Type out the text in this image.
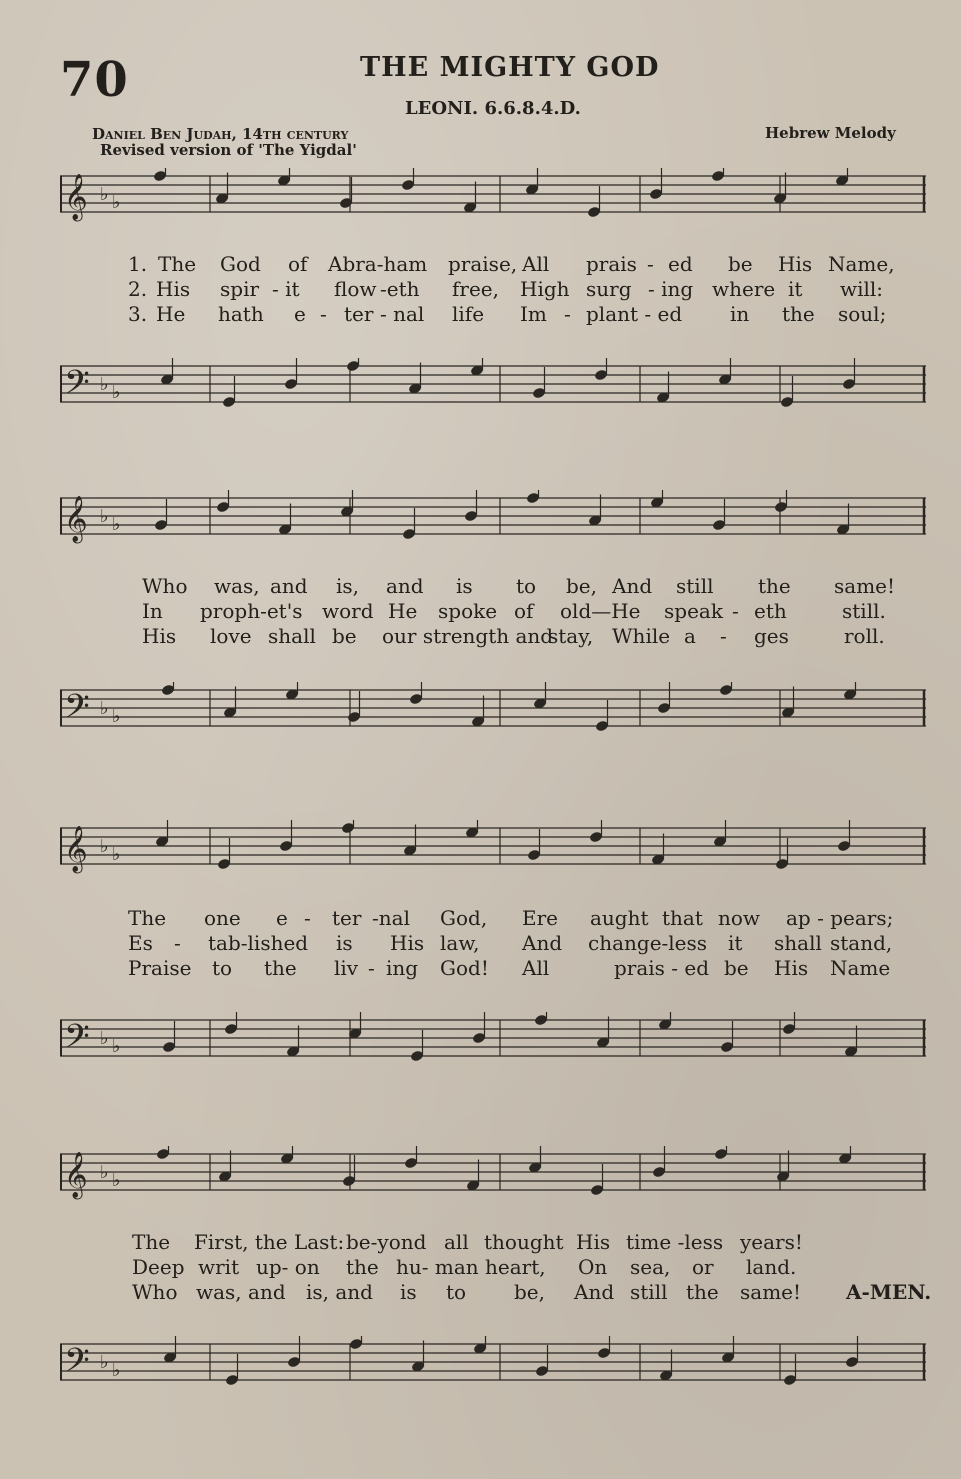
70	THE MIGHTY GOD
LEONI. 6.6.8.4.D.
Daniel Ben Judah, 14th century
Revised version of 'The Yigdal'
Hebrew Melody
𝄞 ♭ ♭
1. The God of Abra-ham praise, All prais - ed be His Name,
2. His spir - it flow -eth free, High surg - ing where it will:
3. He hath e - ter - nal life Im - plant - ed in the soul;
𝄢 ♭ ♭
𝄞 ♭ ♭
Who was, and is, and is to be, And still the same!
In proph-et's word He spoke of old—He speak - eth	still.
His love shall be our strength and
stay, While a - ges	roll.
𝄢 ♭ ♭
𝄞 ♭ ♭
The one e - ter -nal God, Ere aught that now ap - pears;
Es - tab-lished is His law, And change-less it shall stand,
Praise to the liv - ing God! All	prais - ed be His Name
𝄢 ♭ ♭
𝄞 ♭ ♭
The First, the Last: be-yond all thought His time -less years!
Deep writ up- on the hu- man heart, On sea, or land.
Who was, and is, and is to be, And still the same! A-MEN.
𝄢 ♭ ♭
